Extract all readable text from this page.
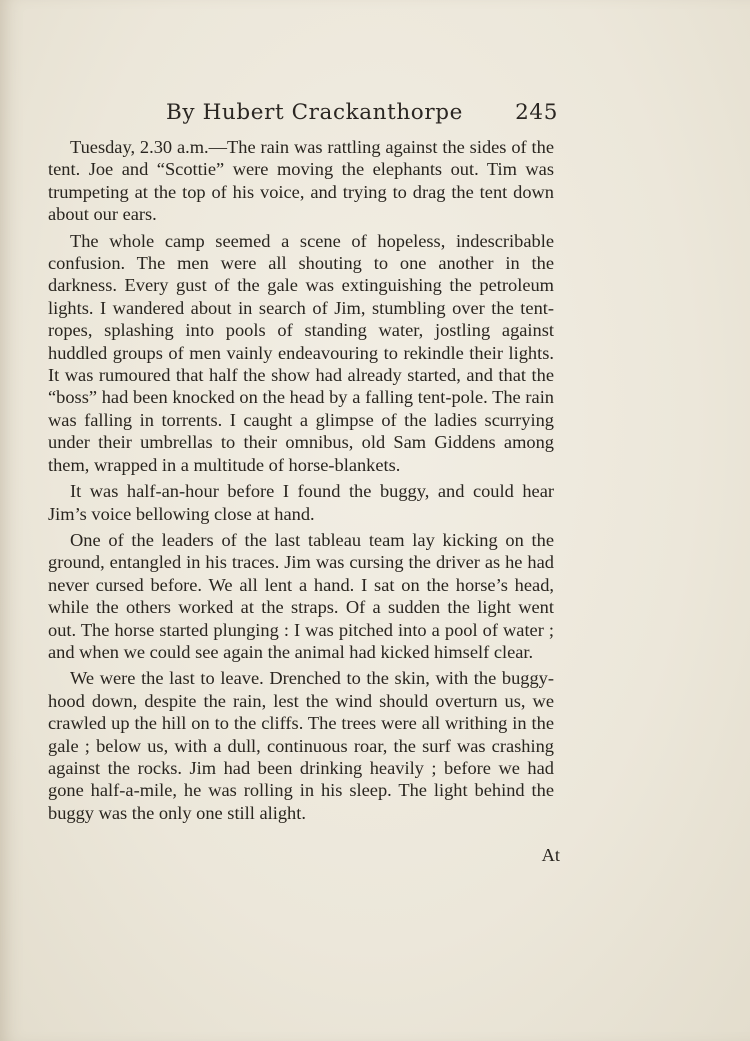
By Hubert Crackanthorpe 245

Tuesday, 2.30 a.m.—The rain was rattling against the sides of the tent. Joe and “Scottie” were moving the elephants out. Tim was trumpeting at the top of his voice, and trying to drag the tent down about our ears.

The whole camp seemed a scene of hopeless, indescribable confusion. The men were all shouting to one another in the darkness. Every gust of the gale was extinguishing the petroleum lights. I wandered about in search of Jim, stumbling over the tent-ropes, splashing into pools of standing water, jostling against huddled groups of men vainly endeavouring to rekindle their lights. It was rumoured that half the show had already started, and that the “boss” had been knocked on the head by a falling tent-pole. The rain was falling in torrents. I caught a glimpse of the ladies scurrying under their umbrellas to their omnibus, old Sam Giddens among them, wrapped in a multitude of horse-blankets.

It was half-an-hour before I found the buggy, and could hear Jim’s voice bellowing close at hand.

One of the leaders of the last tableau team lay kicking on the ground, entangled in his traces. Jim was cursing the driver as he had never cursed before. We all lent a hand. I sat on the horse’s head, while the others worked at the straps. Of a sudden the light went out. The horse started plunging : I was pitched into a pool of water ; and when we could see again the animal had kicked himself clear.

We were the last to leave. Drenched to the skin, with the buggy-hood down, despite the rain, lest the wind should overturn us, we crawled up the hill on to the cliffs. The trees were all writhing in the gale ; below us, with a dull, continuous roar, the surf was crashing against the rocks. Jim had been drinking heavily ; before we had gone half-a-mile, he was rolling in his sleep. The light behind the buggy was the only one still alight.

At
